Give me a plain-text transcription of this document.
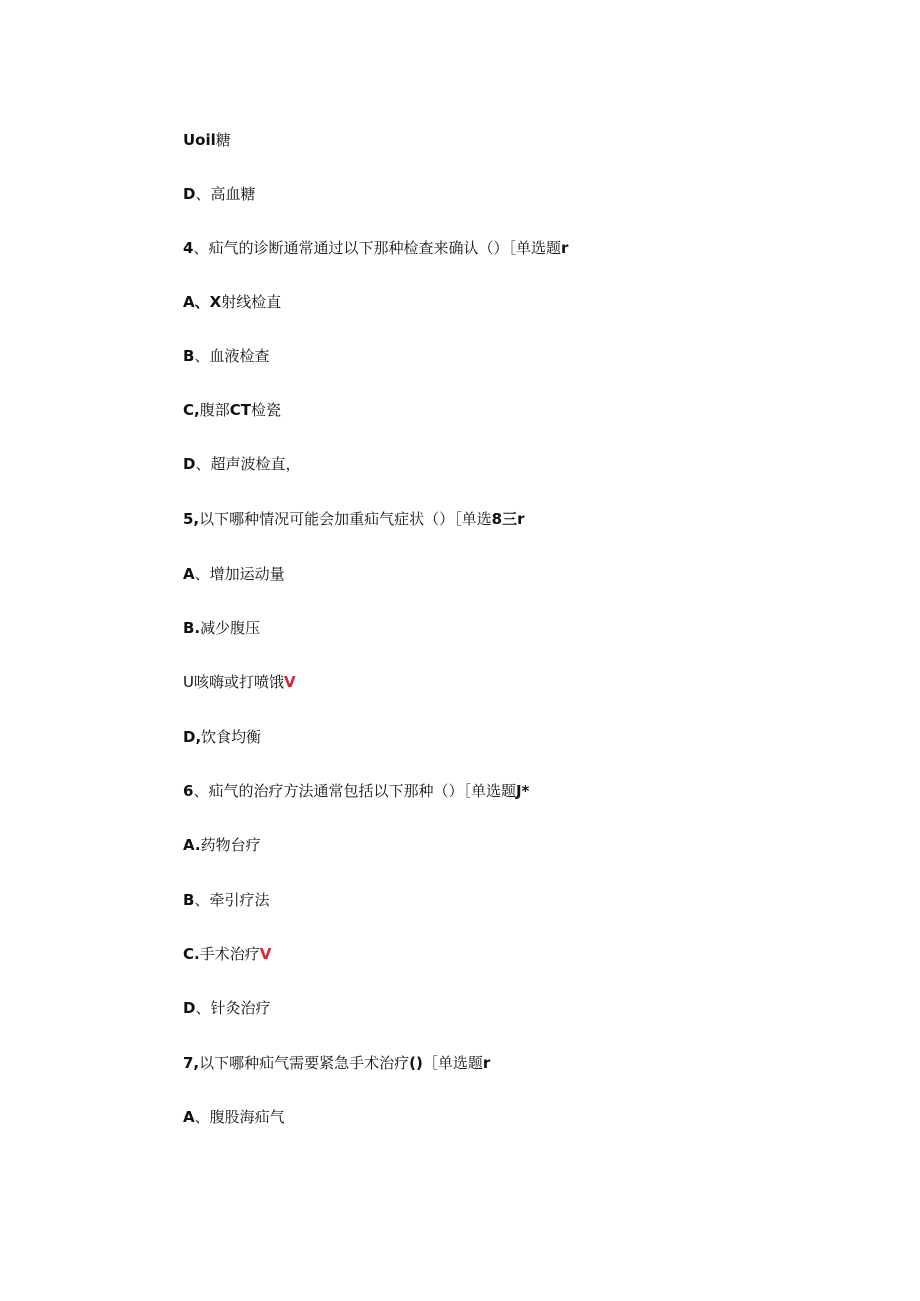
Uoil糖
D、高血糖
4、疝气的诊断通常通过以下那种检查来确认（）［单选题r
A、X射线检直
B、血液检查
C,腹部CT检瓷
D、超声波检直，
5,以下哪种情况可能会加重疝气症状（）［单选8三r
A、增加运动量
B.减少腹压
U咳嗨或打喷饿V
D,饮食均衡
6、疝气的治疗方法通常包括以下那种（）［单选题J*
A.药物台疗
B、牵引疗法
C.手术治疗V
D、针灸治疗
7,以下哪种疝气需要紧急手术治疗()［单选题r
A、腹股海疝气
